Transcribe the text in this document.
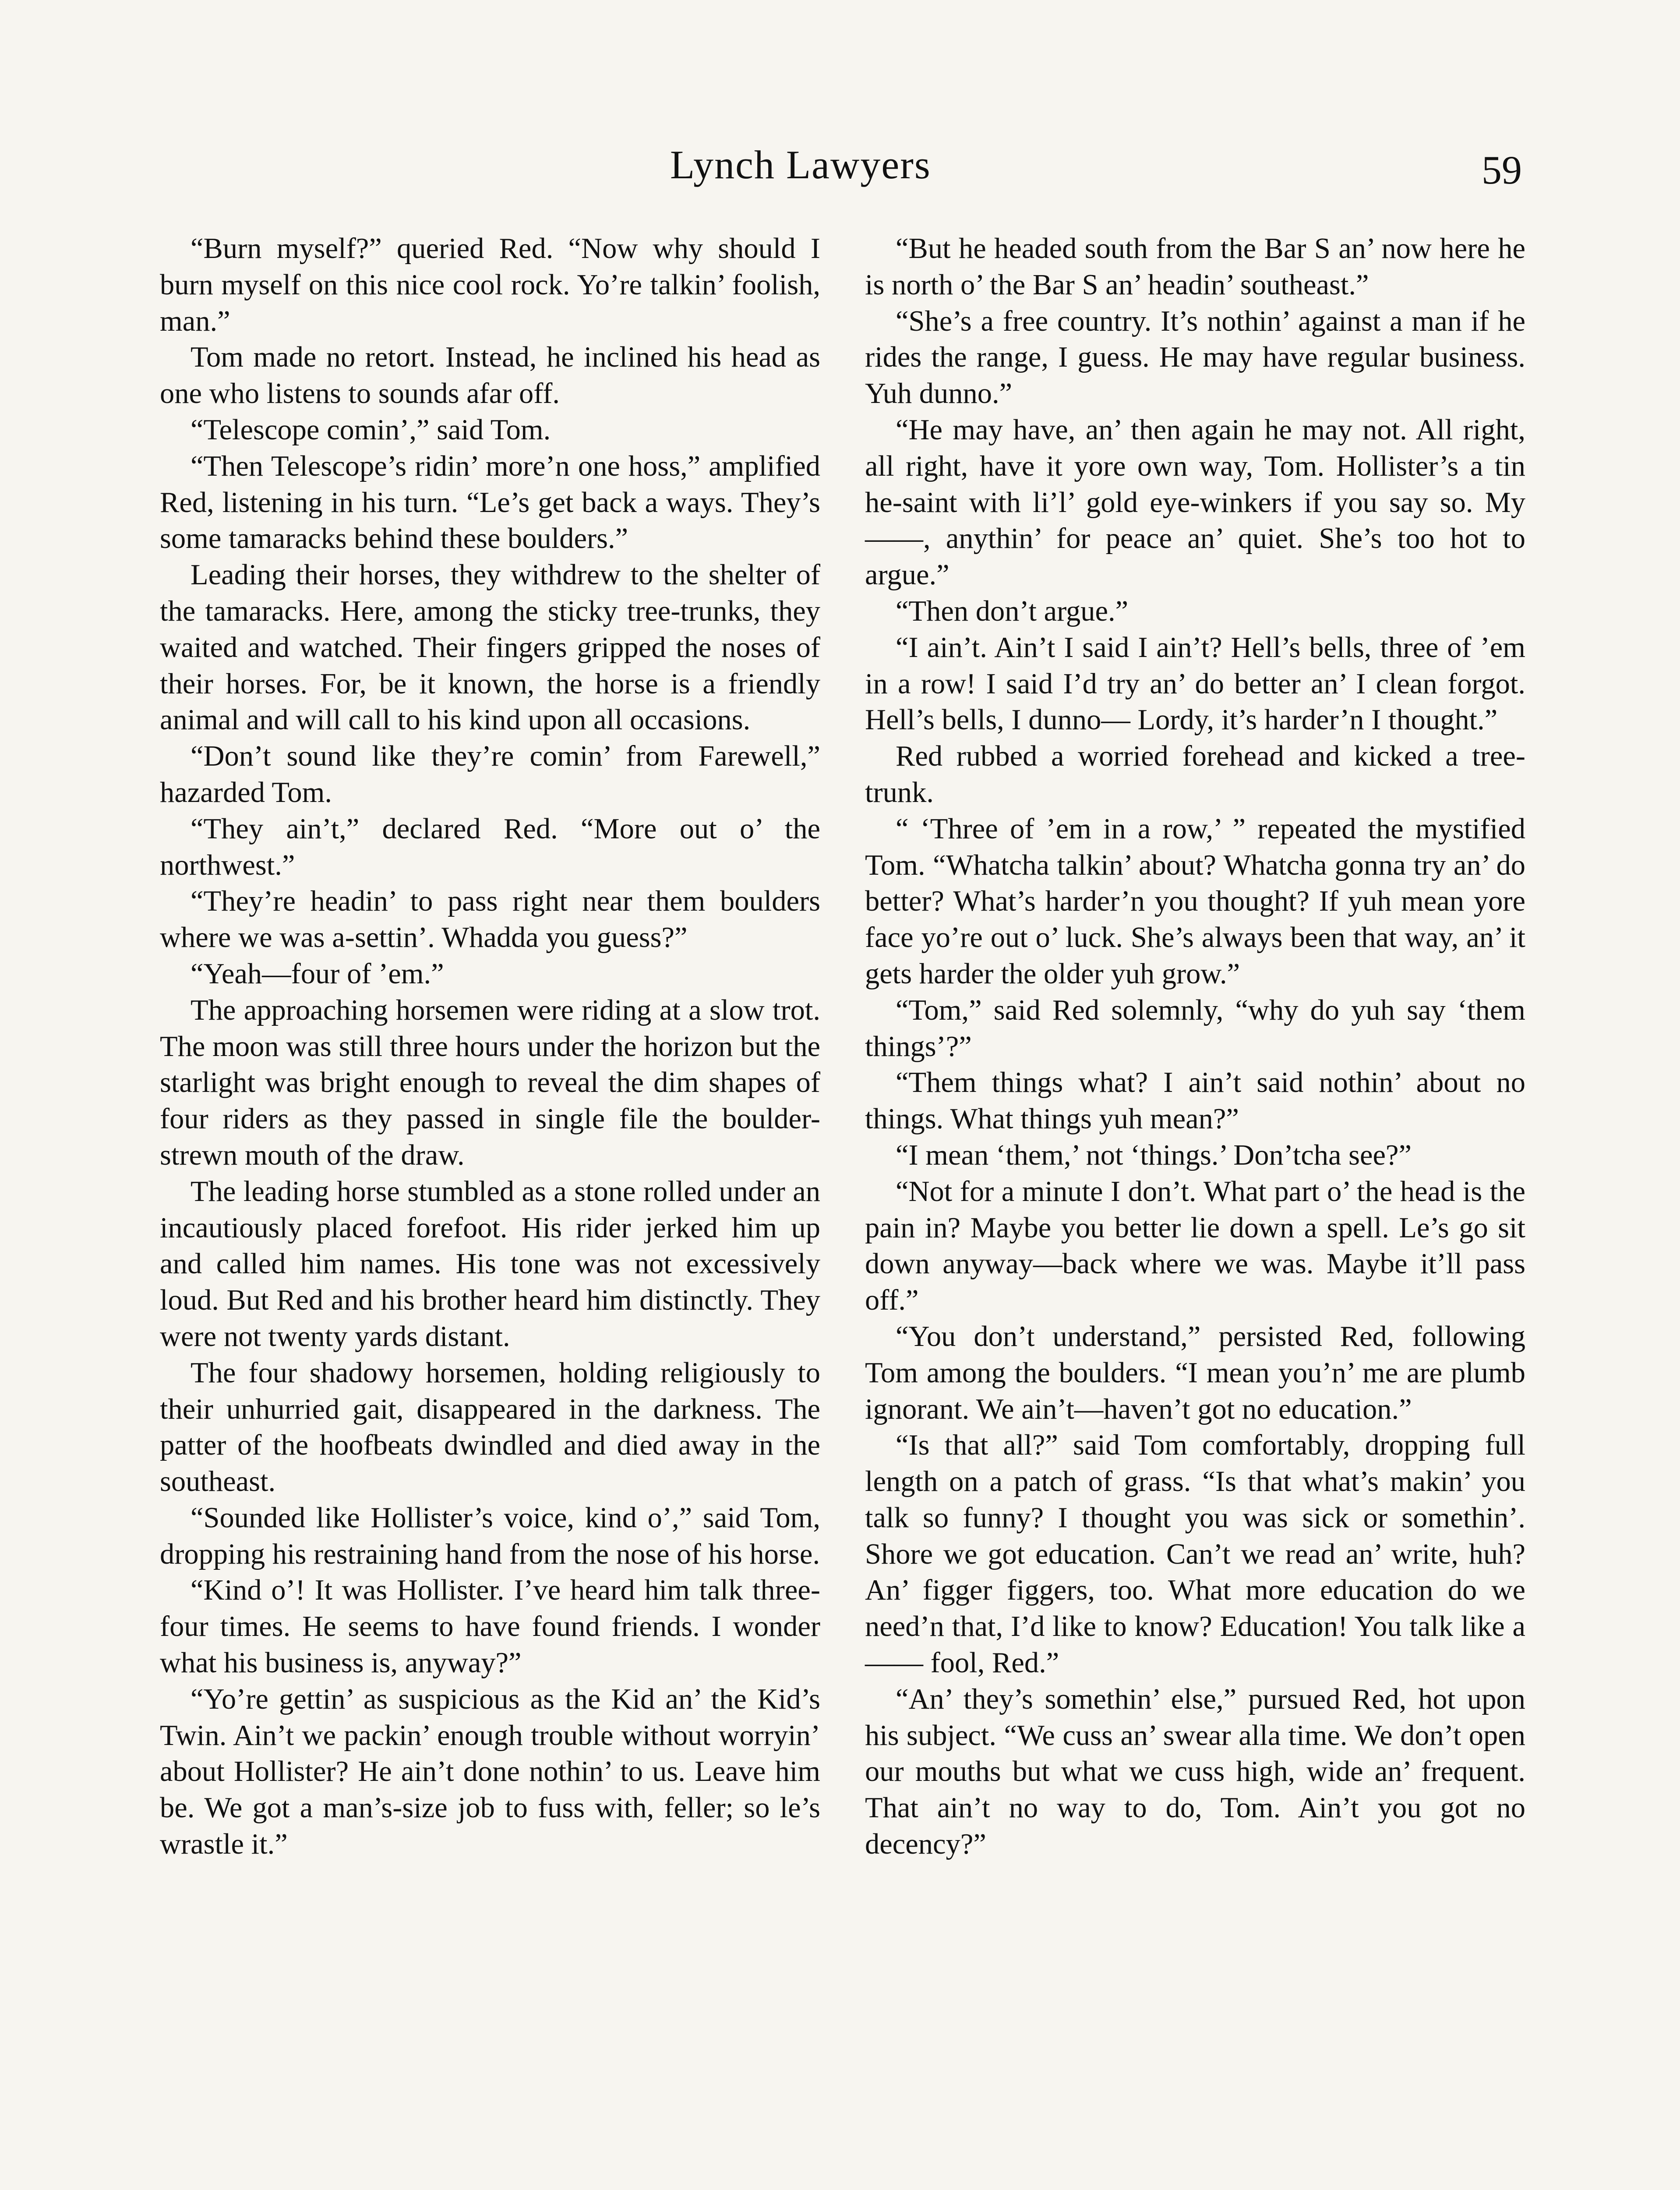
Lynch Lawyers	59

“Burn myself?” queried Red. “Now why should I burn myself on this nice cool rock. Yo’re talkin’ foolish, man.”

Tom made no retort. Instead, he inclined his head as one who listens to sounds afar off.

“Telescope comin’,” said Tom.

“Then Telescope’s ridin’ more’n one hoss,” amplified Red, listening in his turn. “Le’s get back a ways. They’s some tamaracks behind these boulders.”

Leading their horses, they withdrew to the shelter of the tamaracks. Here, among the sticky tree-trunks, they waited and watched. Their fingers gripped the noses of their horses. For, be it known, the horse is a friendly animal and will call to his kind upon all occasions.

“Don’t sound like they’re comin’ from Farewell,” hazarded Tom.

“They ain’t,” declared Red. “More out o’ the northwest.”

“They’re headin’ to pass right near them boulders where we was a-settin’. Whadda you guess?”

“Yeah—four of ’em.”

The approaching horsemen were riding at a slow trot. The moon was still three hours under the horizon but the starlight was bright enough to reveal the dim shapes of four riders as they passed in single file the boulder-strewn mouth of the draw.

The leading horse stumbled as a stone rolled under an incautiously placed forefoot. His rider jerked him up and called him names. His tone was not excessively loud. But Red and his brother heard him distinctly. They were not twenty yards distant.

The four shadowy horsemen, holding religiously to their unhurried gait, disappeared in the darkness. The patter of the hoofbeats dwindled and died away in the southeast.

“Sounded like Hollister’s voice, kind o’,” said Tom, dropping his restraining hand from the nose of his horse.

“Kind o’! It was Hollister. I’ve heard him talk three-four times. He seems to have found friends. I wonder what his business is, anyway?”

“Yo’re gettin’ as suspicious as the Kid an’ the Kid’s Twin. Ain’t we packin’ enough trouble without worryin’ about Hollister? He ain’t done nothin’ to us. Leave him be. We got a man’s-size job to fuss with, feller; so le’s wrastle it.”

“But he headed south from the Bar S an’ now here he is north o’ the Bar S an’ headin’ southeast.”

“She’s a free country. It’s nothin’ against a man if he rides the range, I guess. He may have regular business. Yuh dunno.”

“He may have, an’ then again he may not. All right, all right, have it yore own way, Tom. Hollister’s a tin he-saint with li’l’ gold eye-winkers if you say so. My ——, anythin’ for peace an’ quiet. She’s too hot to argue.”

“Then don’t argue.”

“I ain’t. Ain’t I said I ain’t? Hell’s bells, three of ’em in a row! I said I’d try an’ do better an’ I clean forgot. Hell’s bells, I dunno— Lordy, it’s harder’n I thought.”

Red rubbed a worried forehead and kicked a tree-trunk.

“ ‘Three of ’em in a row,’ ” repeated the mystified Tom. “Whatcha talkin’ about? Whatcha gonna try an’ do better? What’s harder’n you thought? If yuh mean yore face yo’re out o’ luck. She’s always been that way, an’ it gets harder the older yuh grow.”

“Tom,” said Red solemnly, “why do yuh say ‘them things’?”

“Them things what? I ain’t said nothin’ about no things. What things yuh mean?”

“I mean ‘them,’ not ‘things.’ Don’tcha see?”

“Not for a minute I don’t. What part o’ the head is the pain in? Maybe you better lie down a spell. Le’s go sit down anyway—back where we was. Maybe it’ll pass off.”

“You don’t understand,” persisted Red, following Tom among the boulders. “I mean you’n’ me are plumb ignorant. We ain’t—haven’t got no education.”

“Is that all?” said Tom comfortably, dropping full length on a patch of grass. “Is that what’s makin’ you talk so funny? I thought you was sick or somethin’. Shore we got education. Can’t we read an’ write, huh? An’ figger figgers, too. What more education do we need’n that, I’d like to know? Education! You talk like a —— fool, Red.”

“An’ they’s somethin’ else,” pursued Red, hot upon his subject. “We cuss an’ swear alla time. We don’t open our mouths but what we cuss high, wide an’ frequent. That ain’t no way to do, Tom. Ain’t you got no decency?”
